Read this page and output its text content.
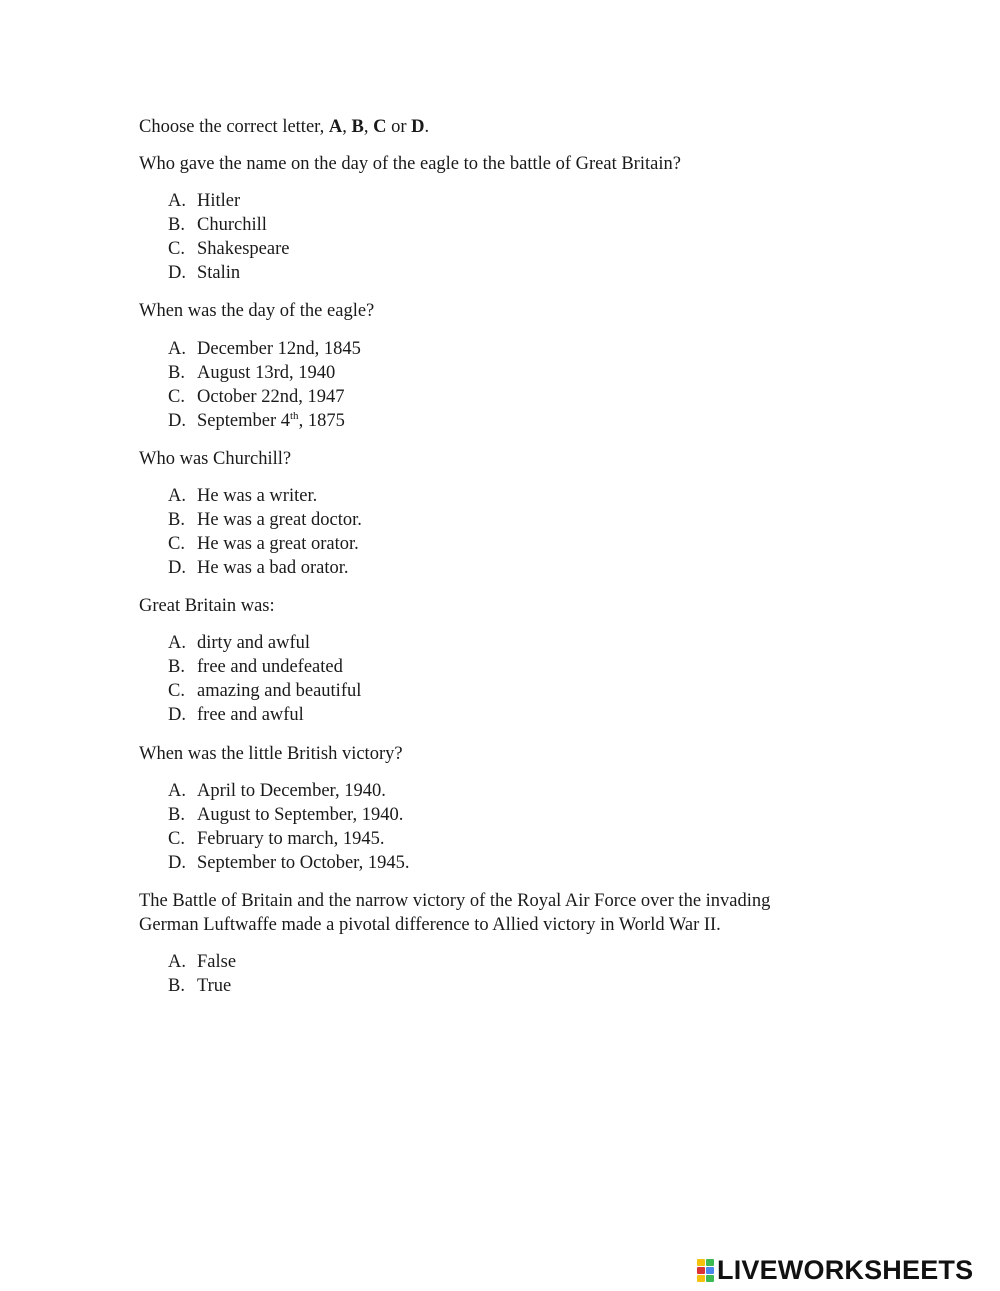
Choose the correct letter, A, B, C or D.
Who gave the name on the day of the eagle to the battle of Great Britain?
A. Hitler
B. Churchill
C. Shakespeare
D. Stalin
When was the day of the eagle?
A. December 12nd, 1845
B. August 13rd, 1940
C. October 22nd, 1947
D. September 4th, 1875
Who was Churchill?
A. He was a writer.
B. He was a great doctor.
C. He was a great orator.
D. He was a bad orator.
Great Britain was:
A. dirty and awful
B. free and undefeated
C. amazing and beautiful
D. free and awful
When was the little British victory?
A. April to December, 1940.
B. August to September, 1940.
C. February to march, 1945.
D. September to October, 1945.
The Battle of Britain and the narrow victory of the Royal Air Force over the invading
German Luftwaffe made a pivotal difference to Allied victory in World War II.
A. False
B. True
LIVEWORKSHEETS
